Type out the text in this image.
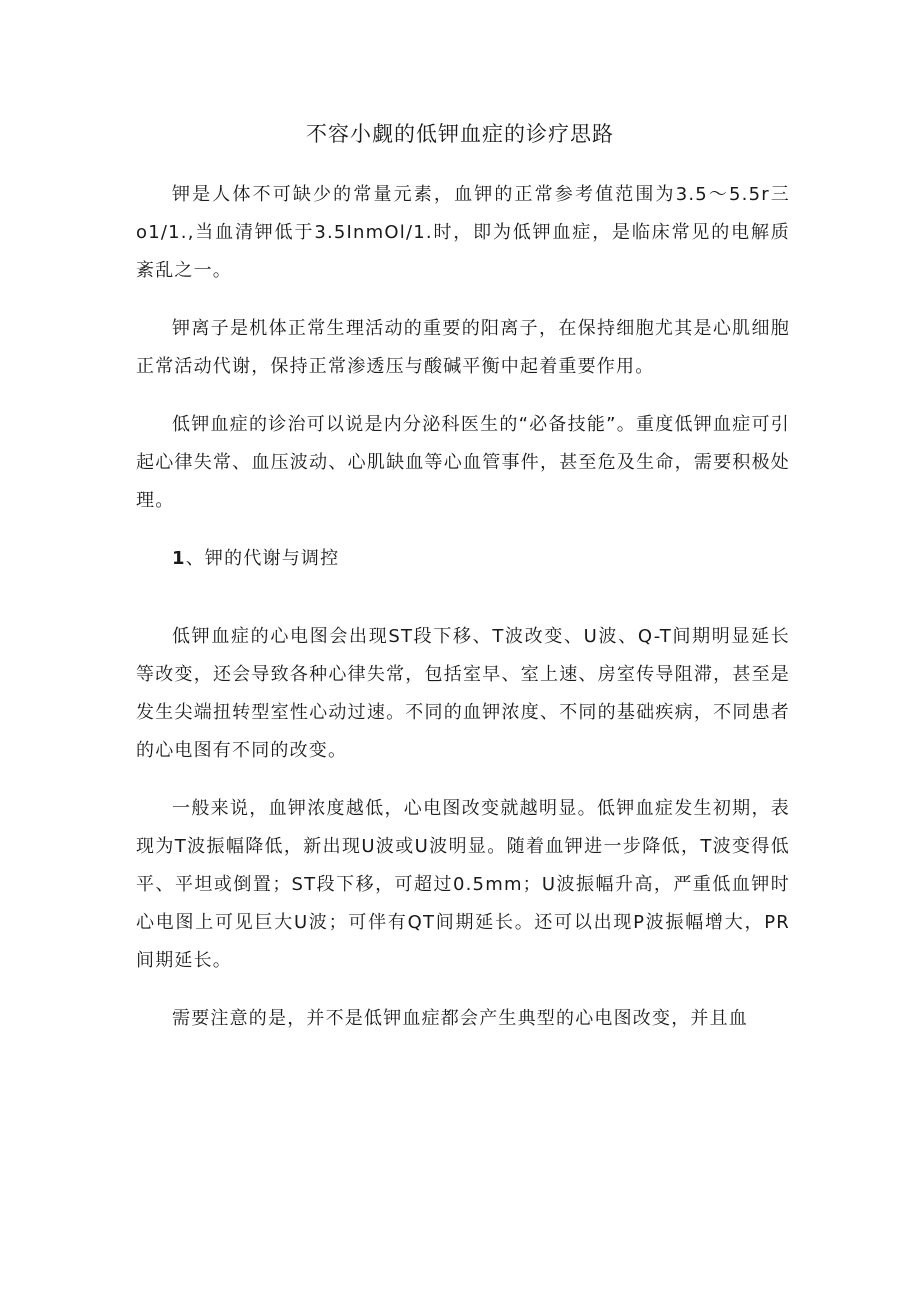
不容小觑的低钾血症的诊疗思路

钾是人体不可缺少的常量元素，血钾的正常参考值范围为3.5～5.5r三o1/1.,当血清钾低于3.5InmOl/1.时，即为低钾血症，是临床常见的电解质紊乱之一。

钾离子是机体正常生理活动的重要的阳离子，在保持细胞尤其是心肌细胞正常活动代谢，保持正常渗透压与酸碱平衡中起着重要作用。

低钾血症的诊治可以说是内分泌科医生的“必备技能”。重度低钾血症可引起心律失常、血压波动、心肌缺血等心血管事件，甚至危及生命，需要积极处理。

1、钾的代谢与调控

低钾血症的心电图会出现ST段下移、T波改变、U波、Q-T间期明显延长等改变，还会导致各种心律失常，包括室早、室上速、房室传导阻滞，甚至是发生尖端扭转型室性心动过速。不同的血钾浓度、不同的基础疾病，不同患者的心电图有不同的改变。

一般来说，血钾浓度越低，心电图改变就越明显。低钾血症发生初期，表现为T波振幅降低，新出现U波或U波明显。随着血钾进一步降低，T波变得低平、平坦或倒置；ST段下移，可超过0.5mm；U波振幅升高，严重低血钾时心电图上可见巨大U波；可伴有QT间期延长。还可以出现P波振幅增大，PR间期延长。

需要注意的是，并不是低钾血症都会产生典型的心电图改变，并且血
